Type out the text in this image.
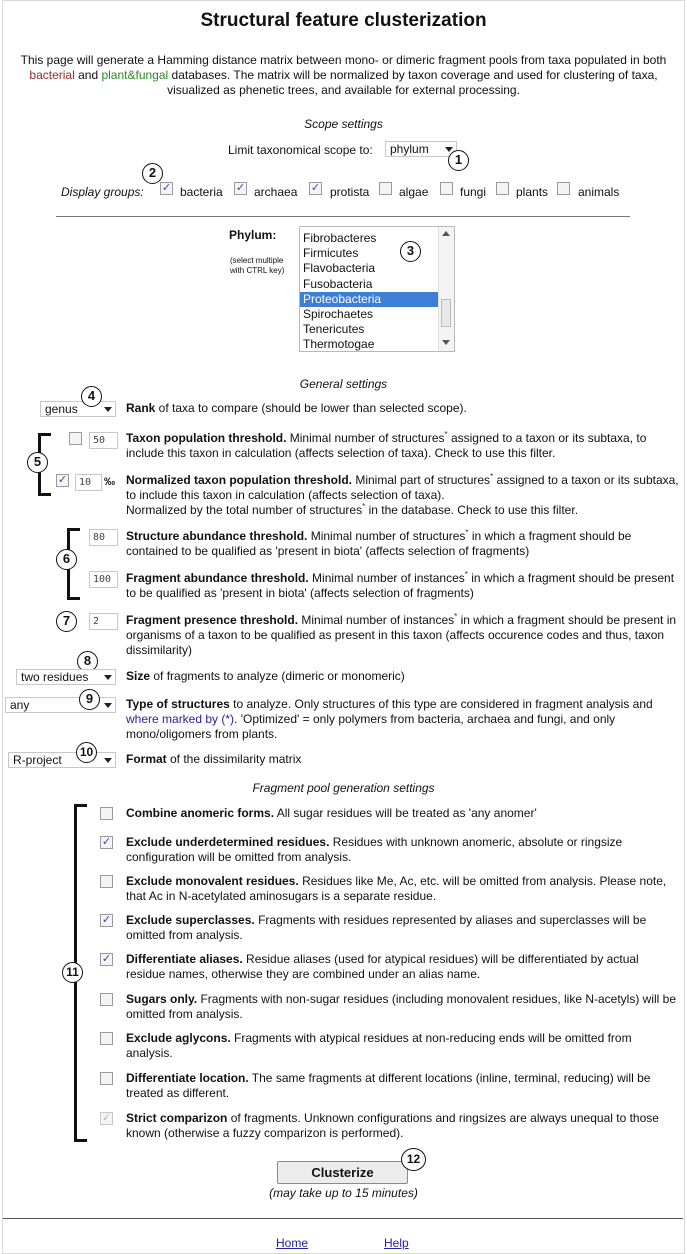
Structural feature clusterization
This page will generate a Hamming distance matrix between mono- or dimeric fragment pools from taxa populated in both bacterial and plant&fungal databases. The matrix will be normalized by taxon coverage and used for clustering of taxa, visualized as phenetic trees, and available for external processing.
Scope settings
Limit taxonomical scope to:	phylum
1
Display groups:
2
✓ bacteria ✓ archaea ✓ protista algae	fungi plants animals
Phylum:
(select multiple
with CTRL key)
Fibrobacteres
Firmicutes
Flavobacteria
Fusobacteria
Proteobacteria
Spirochaetes
Tenericutes
Thermotogae
3
General settings
genus
4
Rank of taxa to compare (should be lower than selected scope).
5
50	Taxon population threshold. Minimal number of structures* assigned to a taxon or its subtaxa, to include this taxon in calculation (affects selection of taxa). Check to use this filter.
✓	10	‰ Normalized taxon population threshold. Minimal part of structures* assigned to a taxon or its subtaxa, to include this taxon in calculation (affects selection of taxa).
Normalized by the total number of structures* in the database. Check to use this filter.
6
80	Structure abundance threshold. Minimal number of structures* in which a fragment should be contained to be qualified as 'present in biota' (affects selection of fragments)
100	Fragment abundance threshold. Minimal number of instances* in which a fragment should be present to be qualified as 'present in biota' (affects selection of fragments)
7	2	Fragment presence threshold. Minimal number of instances* in which a fragment should be present in organisms of a taxon to be qualified as present in this taxon (affects occurence codes and thus, taxon dissimilarity)
8
two residues	Size of fragments to analyze (dimeric or monomeric)
any	9	Type of structures to analyze. Only structures of this type are considered in fragment analysis and where marked by (*). 'Optimized' = only polymers from bacteria, archaea and fungi, and only mono/oligomers from plants.
R-project
10	Format of the dissimilarity matrix
Fragment pool generation settings
11
Combine anomeric forms. All sugar residues will be treated as 'any anomer'
✓ Exclude underdetermined residues. Residues with unknown anomeric, absolute or ringsize configuration will be omitted from analysis.
Exclude monovalent residues. Residues like Me, Ac, etc. will be omitted from analysis. Please note, that Ac in N-acetylated aminosugars is a separate residue.
✓ Exclude superclasses. Fragments with residues represented by aliases and superclasses will be omitted from analysis.
✓ Differentiate aliases. Residue aliases (used for atypical residues) will be differentiated by actual residue names, otherwise they are combined under an alias name.
Sugars only. Fragments with non-sugar residues (including monovalent residues, like N-acetyls) will be omitted from analysis.
Exclude aglycons. Fragments with atypical residues at non-reducing ends will be omitted from analysis.
Differentiate location. The same fragments at different locations (inline, terminal, reducing) will be treated as different.
✓ Strict comparizon of fragments. Unknown configurations and ringsizes are always unequal to those known (otherwise a fuzzy comparizon is performed).
Clusterize
12
(may take up to 15 minutes)
Home	Help
